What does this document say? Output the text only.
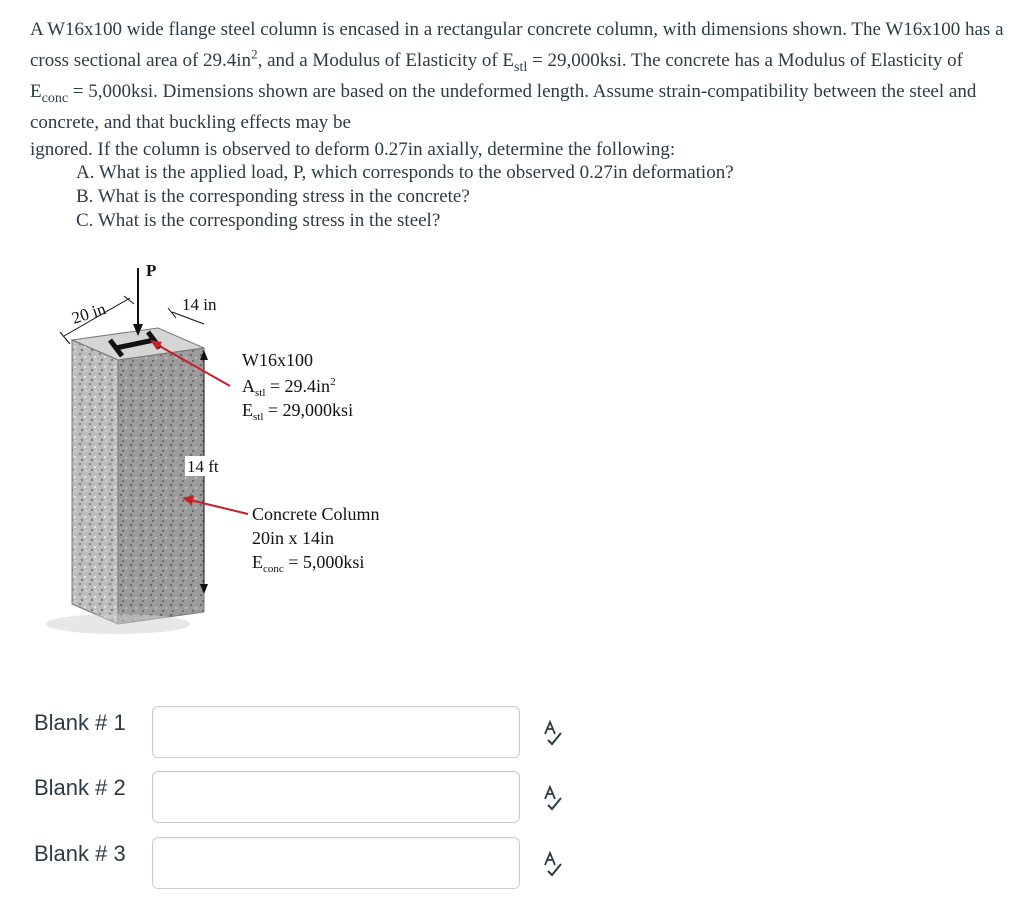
A W16x100 wide flange steel column is encased in a rectangular concrete column, with dimensions shown. The W16x100 has a cross sectional area of $29.4in^2$, and a Modulus of Elasticity of $E_{stl} = 29,000ksi$. The concrete has a Modulus of Elasticity of $E_{conc} = 5,000ksi$. Dimensions shown are based on the undeformed length. Assume strain-compatibility between the steel and concrete, and that buckling effects may be

ignored. If the column is observed to deform 0.27in axially, determine the following:

A. What is the applied load, P, which corresponds to the observed 0.27in deformation?
B. What is the corresponding stress in the concrete?
C. What is the corresponding stress in the steel?
P
20 in	14 in
14 ft
W16x100
$A_{stl} = 29.4in^2$
$E_{stl} = 29,000ksi$
Concrete Column
20in x 14in
$E_{conc} = 5,000ksi$
Blank # 1
Blank # 2
Blank # 3
